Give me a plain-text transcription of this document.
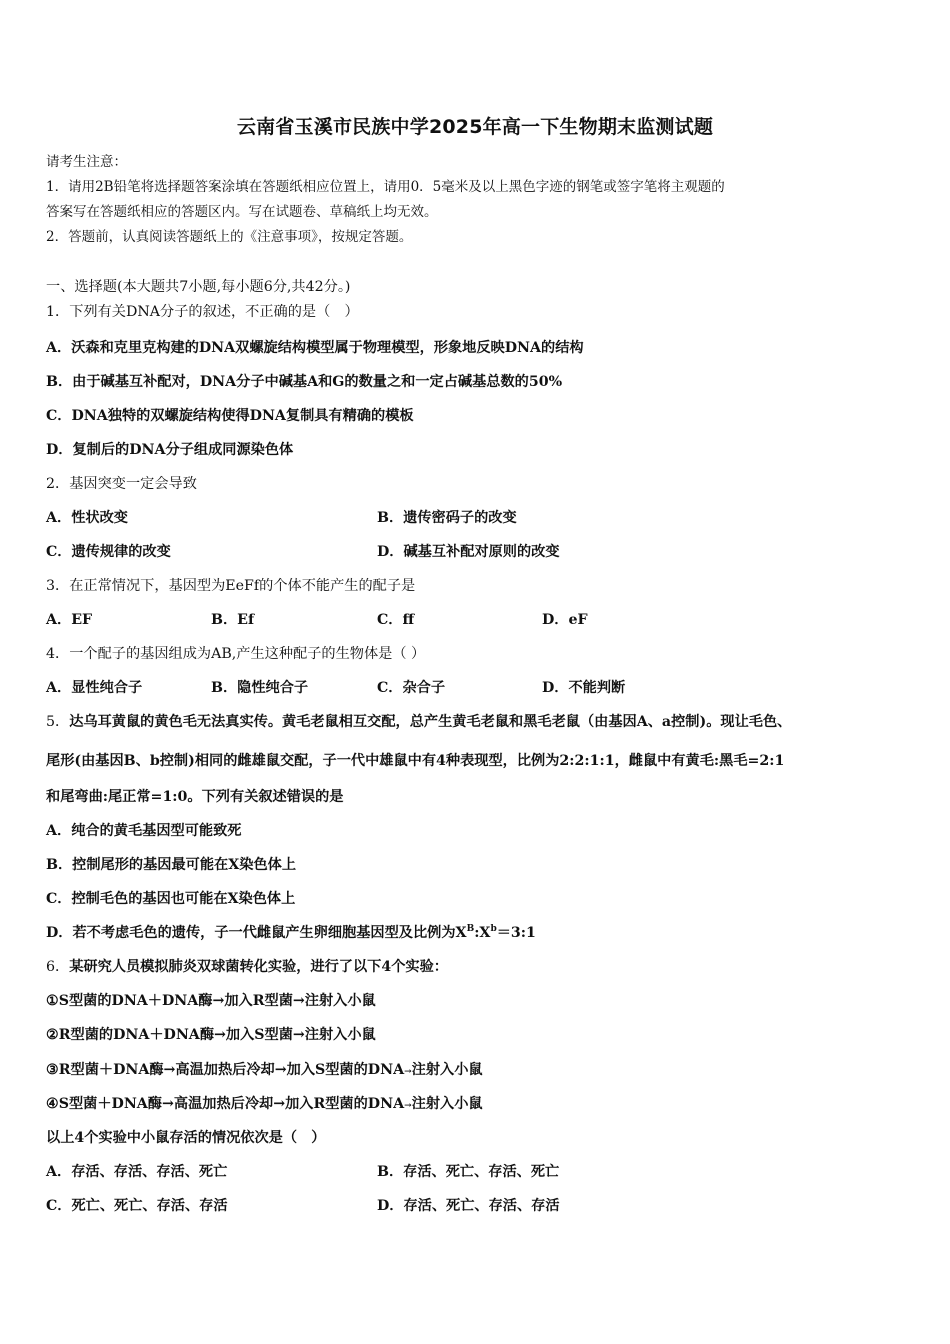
云南省玉溪市民族中学2025年高一下生物期末监测试题
请考生注意：
1．请用2B铅笔将选择题答案涂填在答题纸相应位置上，请用0．5毫米及以上黑色字迹的钢笔或签字笔将主观题的
答案写在答题纸相应的答题区内。写在试题卷、草稿纸上均无效。
2．答题前，认真阅读答题纸上的《注意事项》，按规定答题。
一、选择题(本大题共7小题,每小题6分,共42分。)
1．下列有关DNA分子的叙述，不正确的是（　）
A．沃森和克里克构建的DNA双螺旋结构模型属于物理模型，形象地反映DNA的结构
B．由于碱基互补配对，DNA分子中碱基A和G的数量之和一定占碱基总数的50%
C．DNA独特的双螺旋结构使得DNA复制具有精确的模板
D．复制后的DNA分子组成同源染色体
2．基因突变一定会导致
A．性状改变	B．遗传密码子的改变
C．遗传规律的改变	D．碱基互补配对原则的改变
3．在正常情况下，基因型为EeFf的个体不能产生的配子是
A．EF	B．Ef	C．ff	D．eF
4．一个配子的基因组成为AB,产生这种配子的生物体是（ ）
A．显性纯合子	B．隐性纯合子	C．杂合子	D．不能判断
5．达乌耳黄鼠的黄色毛无法真实传。黄毛老鼠相互交配，总产生黄毛老鼠和黑毛老鼠（由基因A、a控制)。现让毛色、
尾形(由基因B、b控制)相同的雌雄鼠交配，子一代中雄鼠中有4种表现型，比例为2:2:1:1，雌鼠中有黄毛:黑毛=2:1
和尾弯曲:尾正常=1:0。下列有关叙述错误的是
A．纯合的黄毛基因型可能致死
B．控制尾形的基因最可能在X染色体上
C．控制毛色的基因也可能在X染色体上
D．若不考虑毛色的遗传，子一代雌鼠产生卵细胞基因型及比例为$X^B:X^b=3:1$
6．某研究人员模拟肺炎双球菌转化实验，进行了以下4个实验：
①S型菌的DNA＋DNA酶→加入R型菌→注射入小鼠
②R型菌的DNA＋DNA酶→加入S型菌→注射入小鼠
③R型菌＋DNA酶→高温加热后冷却→加入S型菌的DNA→注射入小鼠
④S型菌＋DNA酶→高温加热后冷却→加入R型菌的DNA→注射入小鼠
以上4个实验中小鼠存活的情况依次是（　）
A．存活、存活、存活、死亡	B．存活、死亡、存活、死亡
C．死亡、死亡、存活、存活	D．存活、死亡、存活、存活
